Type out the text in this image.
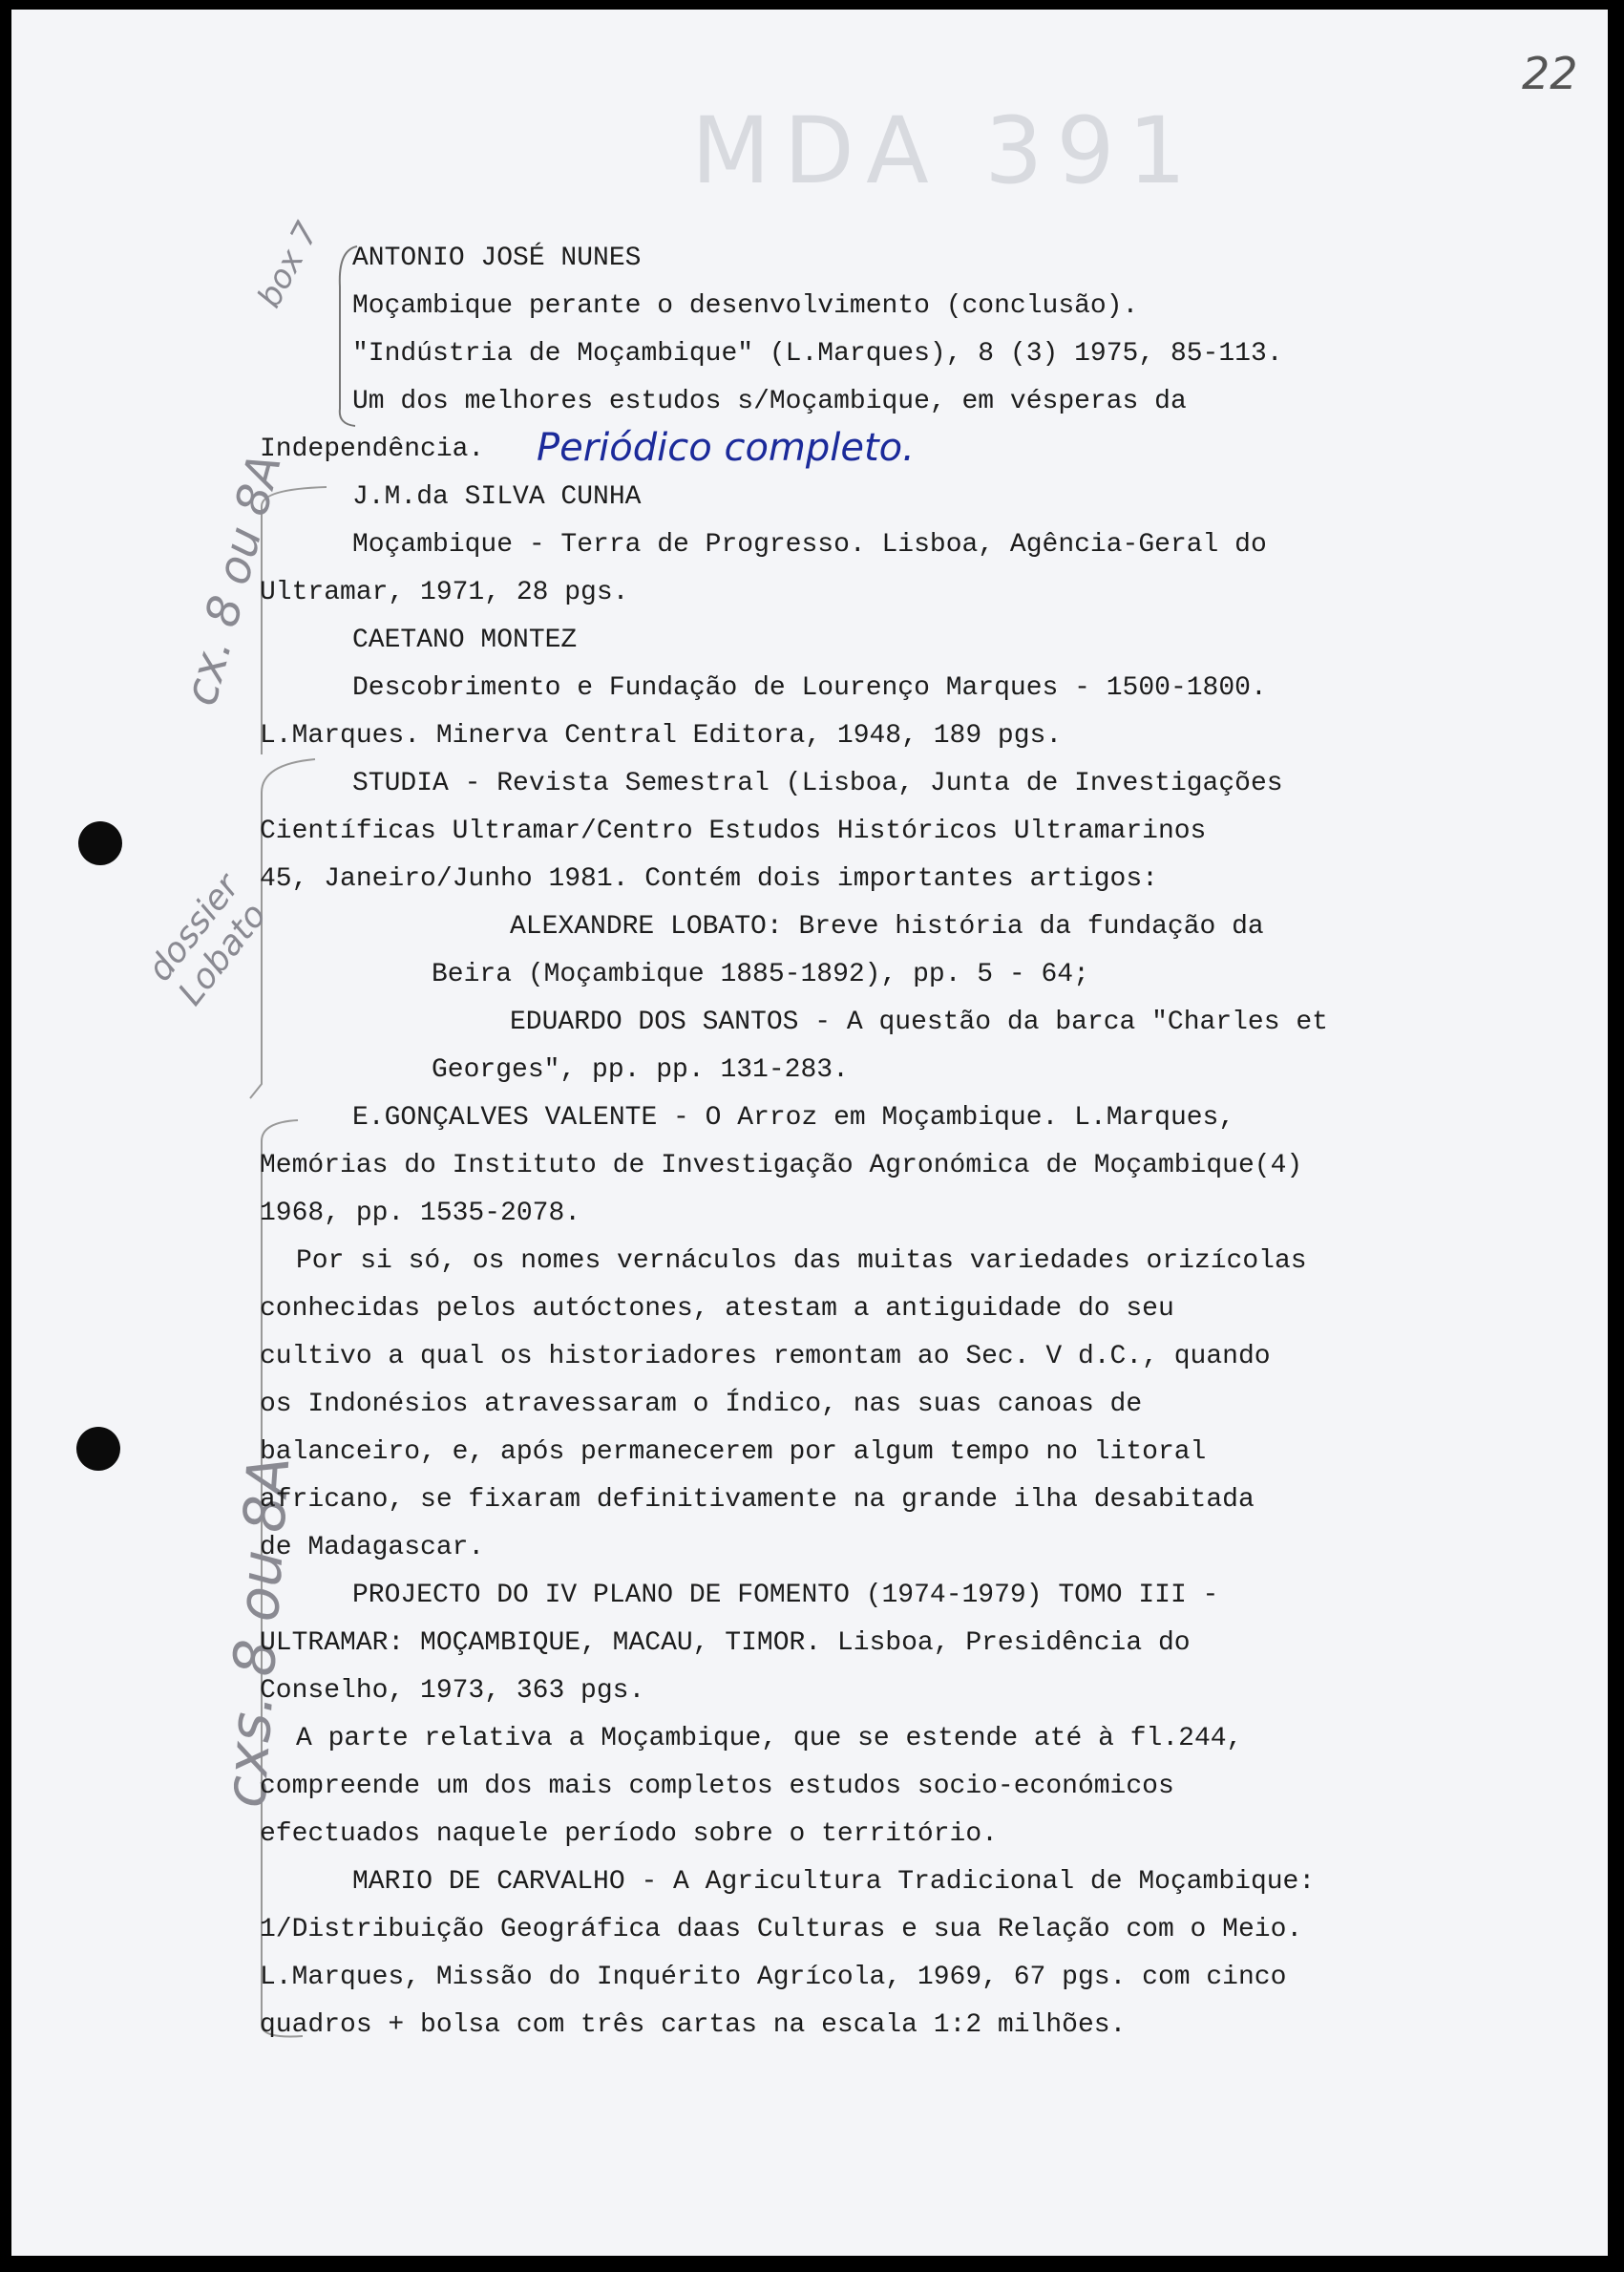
MDA 391
22
box 7
cx. 8 ou 8A
dossier Lobato
cxs. 8 ou 8A
ANTONIO JOSÉ NUNES
Moçambique perante o desenvolvimento (conclusão).
"Indústria de Moçambique" (L.Marques), 8 (3) 1975, 85-113.
Um dos melhores estudos s/Moçambique, em vésperas da
Independência. Periódico completo.
J.M.da SILVA CUNHA
Moçambique - Terra de Progresso. Lisboa, Agência-Geral do
Ultramar, 1971, 28 pgs.
CAETANO MONTEZ
Descobrimento e Fundação de Lourenço Marques - 1500-1800.
L.Marques. Minerva Central Editora, 1948, 189 pgs.
STUDIA - Revista Semestral (Lisboa, Junta de Investigações
Científicas Ultramar/Centro Estudos Históricos Ultramarinos
45, Janeiro/Junho 1981. Contém dois importantes artigos:
ALEXANDRE LOBATO: Breve história da fundação da
Beira (Moçambique 1885-1892), pp. 5 - 64;
EDUARDO DOS SANTOS - A questão da barca "Charles et
Georges", pp. pp. 131-283.
E.GONÇALVES VALENTE - O Arroz em Moçambique. L.Marques,
Memórias do Instituto de Investigação Agronómica de Moçambique(4)
1968, pp. 1535-2078.
Por si só, os nomes vernáculos das muitas variedades orizícolas
conhecidas pelos autóctones, atestam a antiguidade do seu
cultivo a qual os historiadores remontam ao Sec. V d.C., quando
os Indonésios atravessaram o Índico, nas suas canoas de
balanceiro, e, após permanecerem por algum tempo no litoral
africano, se fixaram definitivamente na grande ilha desabitada
de Madagascar.
PROJECTO DO IV PLANO DE FOMENTO (1974-1979) TOMO III -
ULTRAMAR: MOÇAMBIQUE, MACAU, TIMOR. Lisboa, Presidência do
Conselho, 1973, 363 pgs.
A parte relativa a Moçambique, que se estende até à fl.244,
compreende um dos mais completos estudos socio-económicos
efectuados naquele período sobre o território.
MARIO DE CARVALHO - A Agricultura Tradicional de Moçambique:
1/Distribuição Geográfica daas Culturas e sua Relação com o Meio.
L.Marques, Missão do Inquérito Agrícola, 1969, 67 pgs. com cinco
quadros + bolsa com três cartas na escala 1:2 milhões.
